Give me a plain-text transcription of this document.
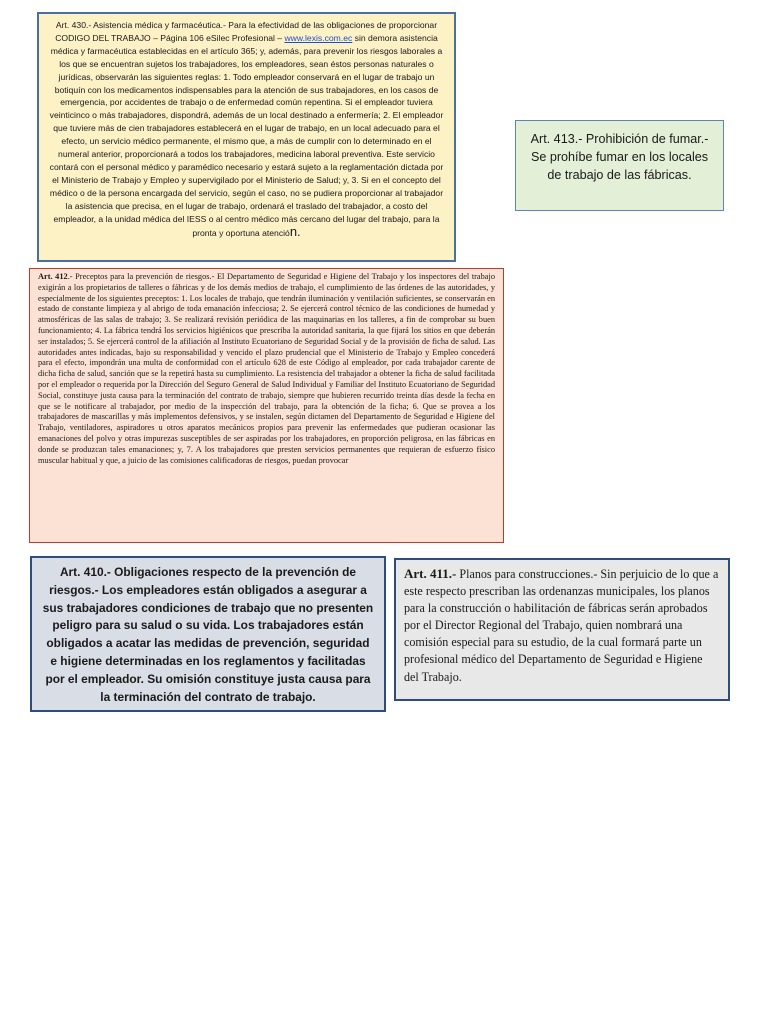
Art. 430.- Asistencia médica y farmacéutica.- Para la efectividad de las obligaciones de proporcionar CODIGO DEL TRABAJO – Página 106 eSilec Profesional – www.lexis.com.ec sin demora asistencia médica y farmacéutica establecidas en el artículo 365; y, además, para prevenir los riesgos laborales a los que se encuentran sujetos los trabajadores, los empleadores, sean éstos personas naturales o jurídicas, observarán las siguientes reglas: 1. Todo empleador conservará en el lugar de trabajo un botiquín con los medicamentos indispensables para la atención de sus trabajadores, en los casos de emergencia, por accidentes de trabajo o de enfermedad común repentina. Si el empleador tuviera veinticinco o más trabajadores, dispondrá, además de un local destinado a enfermería; 2. El empleador que tuviere más de cien trabajadores establecerá en el lugar de trabajo, en un local adecuado para el efecto, un servicio médico permanente, el mismo que, a más de cumplir con lo determinado en el numeral anterior, proporcionará a todos los trabajadores, medicina laboral preventiva. Este servicio contará con el personal médico y paramédico necesario y estará sujeto a la reglamentación dictada por el Ministerio de Trabajo y Empleo y supervigilado por el Ministerio de Salud; y, 3. Si en el concepto del médico o de la persona encargada del servicio, según el caso, no se pudiera proporcionar al trabajador la asistencia que precisa, en el lugar de trabajo, ordenará el traslado del trabajador, a costo del empleador, a la unidad médica del IESS o al centro médico más cercano del lugar del trabajo, para la pronta y oportuna atención.
Art. 413.- Prohibición de fumar.- Se prohíbe fumar en los locales de trabajo de las fábricas.
Art. 412.- Preceptos para la prevención de riesgos.- El Departamento de Seguridad e Higiene del Trabajo y los inspectores del trabajo exigirán a los propietarios de talleres o fábricas y de los demás medios de trabajo, el cumplimiento de las órdenes de las autoridades, y especialmente de los siguientes preceptos: 1. Los locales de trabajo, que tendrán iluminación y ventilación suficientes, se conservarán en estado de constante limpieza y al abrigo de toda emanación infecciosa; 2. Se ejercerá control técnico de las condiciones de humedad y atmosféricas de las salas de trabajo; 3. Se realizará revisión periódica de las maquinarias en los talleres, a fin de comprobar su buen funcionamiento; 4. La fábrica tendrá los servicios higiénicos que prescriba la autoridad sanitaria, la que fijará los sitios en que deberán ser instalados; 5. Se ejercerá control de la afiliación al Instituto Ecuatoriano de Seguridad Social y de la provisión de ficha de salud. Las autoridades antes indicadas, bajo su responsabilidad y vencido el plazo prudencial que el Ministerio de Trabajo y Empleo concederá para el efecto, impondrán una multa de conformidad con el artículo 628 de este Código al empleador, por cada trabajador carente de dicha ficha de salud, sanción que se la repetirá hasta su cumplimiento. La resistencia del trabajador a obtener la ficha de salud facilitada por el empleador o requerida por la Dirección del Seguro General de Salud Individual y Familiar del Instituto Ecuatoriano de Seguridad Social, constituye justa causa para la terminación del contrato de trabajo, siempre que hubieren recurrido treinta días desde la fecha en que se le notificare al trabajador, por medio de la inspección del trabajo, para la obtención de la ficha; 6. Que se provea a los trabajadores de mascarillas y más implementos defensivos, y se instalen, según dictamen del Departamento de Seguridad e Higiene del Trabajo, ventiladores, aspiradores u otros aparatos mecánicos propios para prevenir las enfermedades que pudieran ocasionar las emanaciones del polvo y otras impurezas susceptibles de ser aspiradas por los trabajadores, en proporción peligrosa, en las fábricas en donde se produzcan tales emanaciones; y, 7. A los trabajadores que presten servicios permanentes que requieran de esfuerzo físico muscular habitual y que, a juicio de las comisiones calificadoras de riesgos, puedan provocar
Art. 410.- Obligaciones respecto de la prevención de riesgos.- Los empleadores están obligados a asegurar a sus trabajadores condiciones de trabajo que no presenten peligro para su salud o su vida. Los trabajadores están obligados a acatar las medidas de prevención, seguridad e higiene determinadas en los reglamentos y facilitadas por el empleador. Su omisión constituye justa causa para la terminación del contrato de trabajo.
Art. 411.- Planos para construcciones.- Sin perjuicio de lo que a este respecto prescriban las ordenanzas municipales, los planos para la construcción o habilitación de fábricas serán aprobados por el Director Regional del Trabajo, quien nombrará una comisión especial para su estudio, de la cual formará parte un profesional médico del Departamento de Seguridad e Higiene del Trabajo.
